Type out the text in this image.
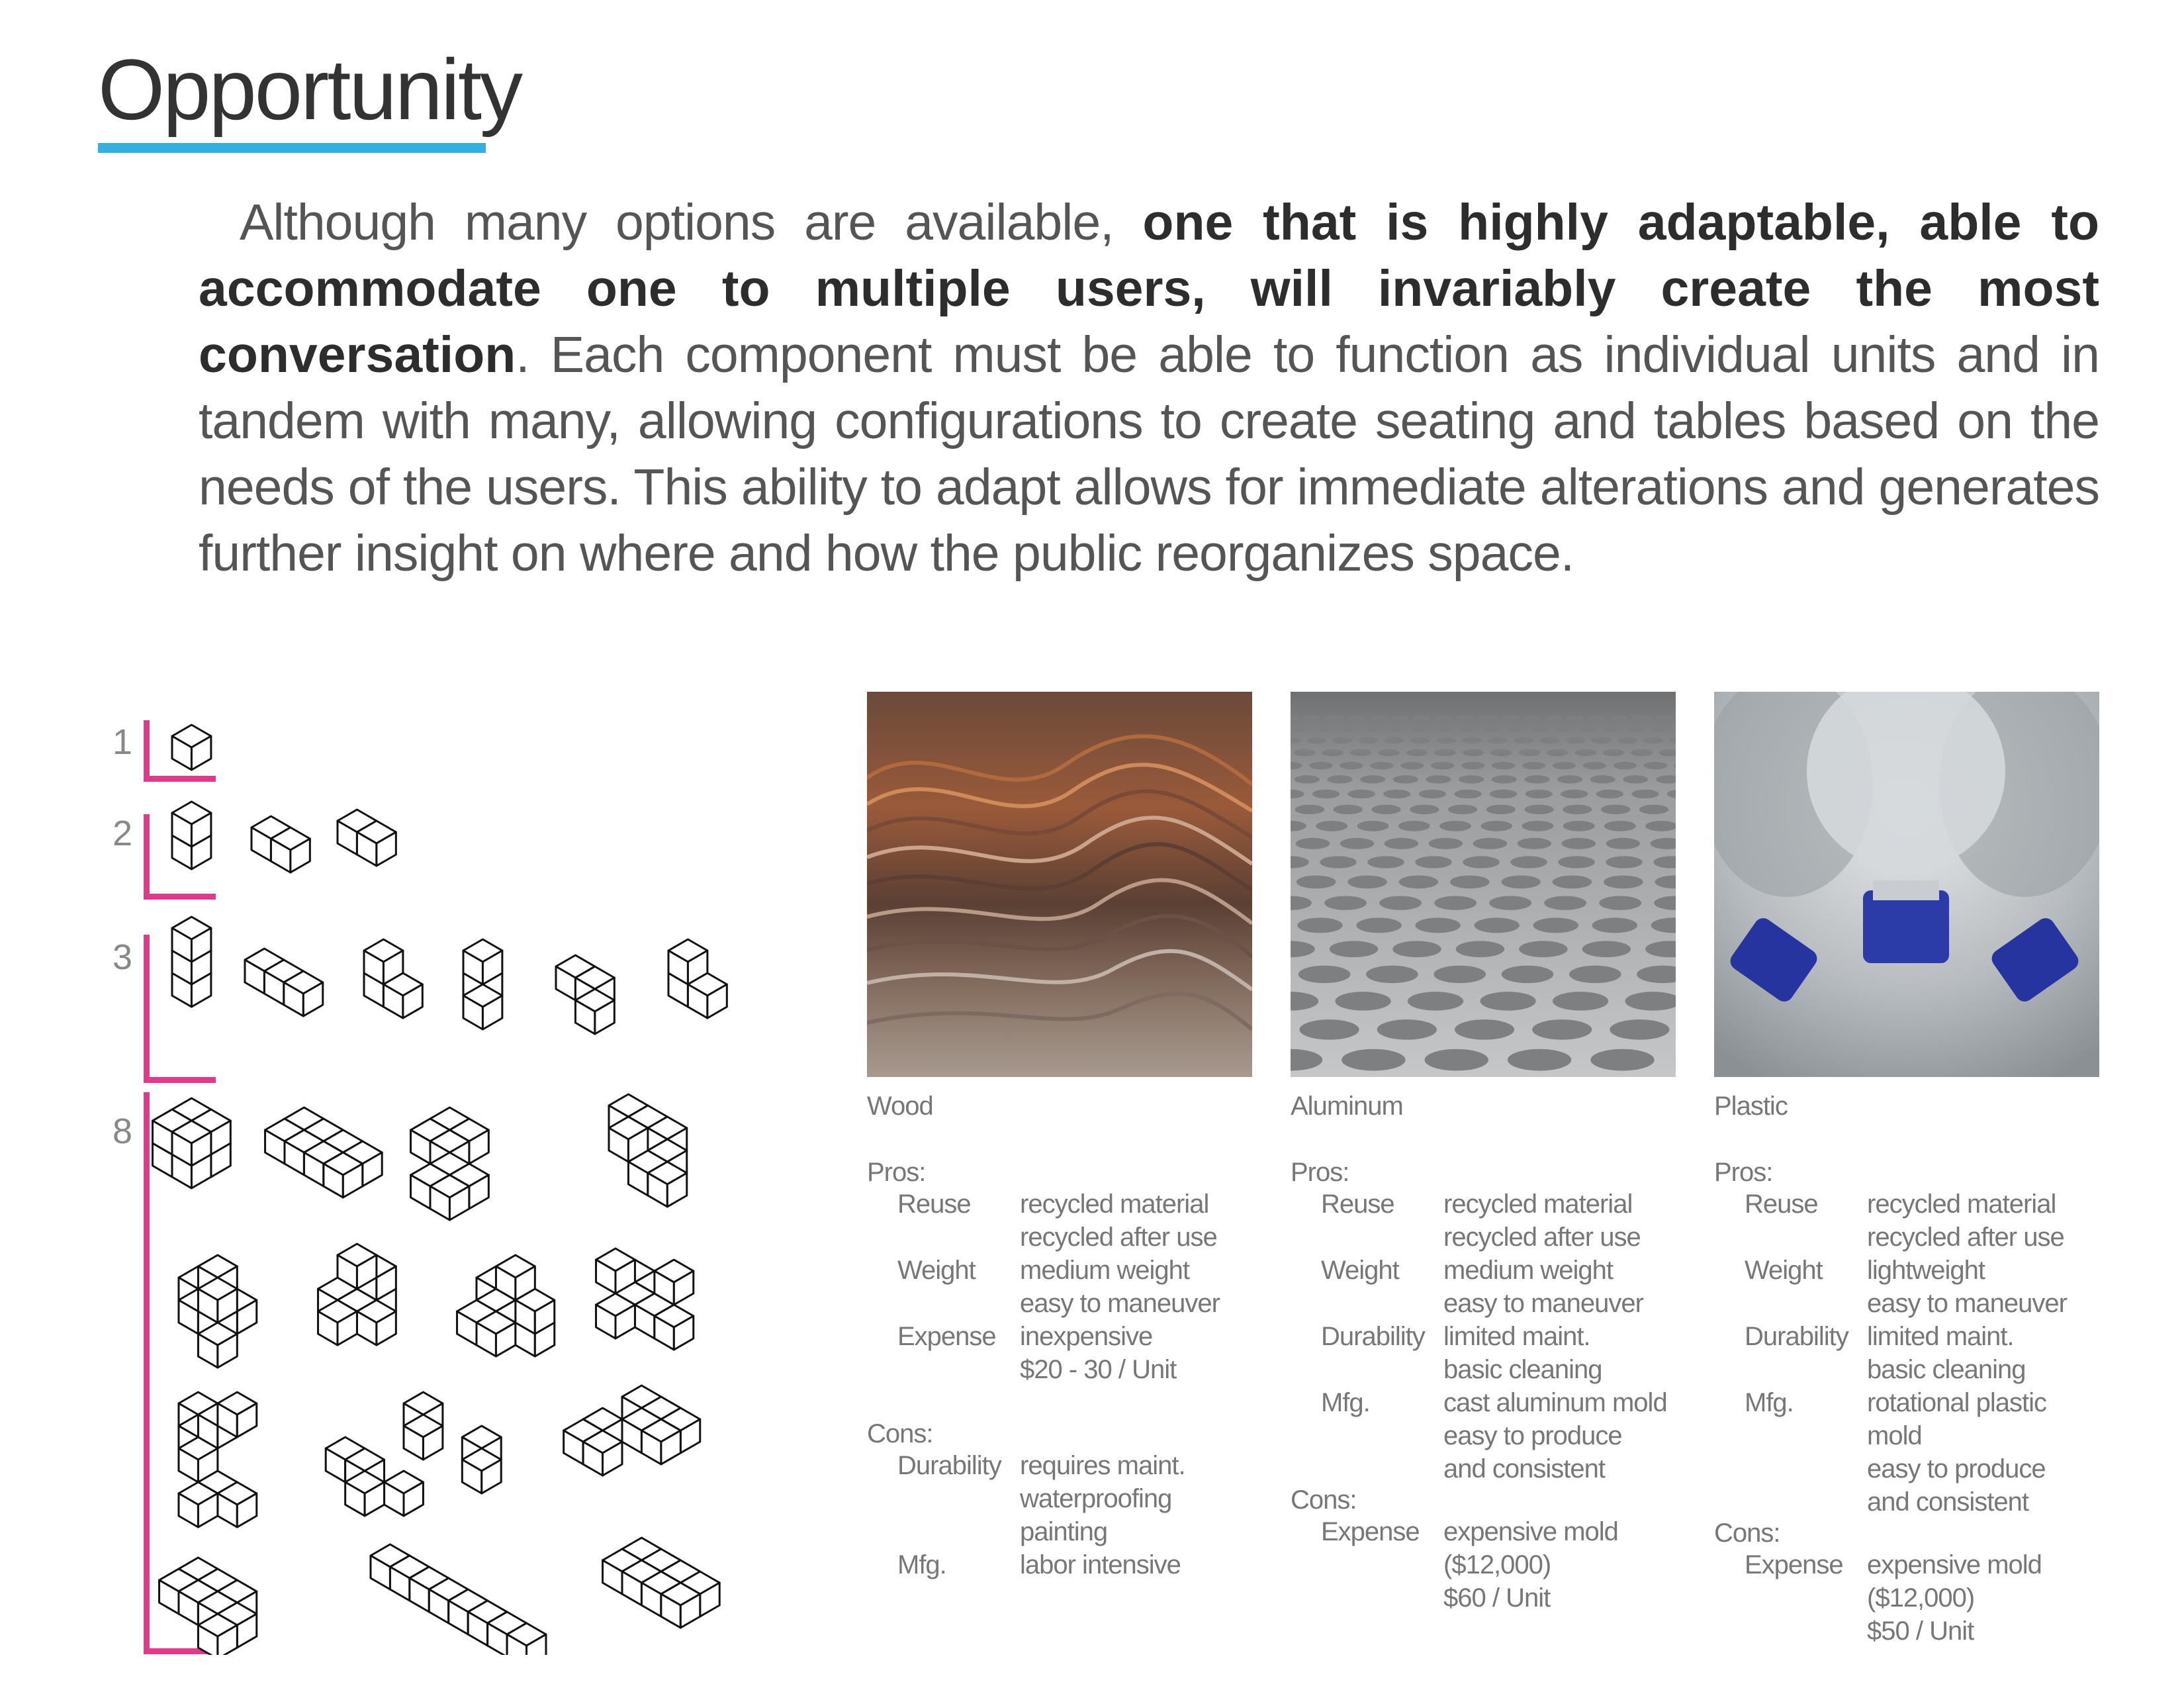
Opportunity
Although many options are available, one that is highly adaptable, able to accommodate one to multiple users, will invariably create the most conversation. Each component must be able to function as individual units and in tandem with many, allowing configurations to create seating and tables based on the needs of the users. This ability to adapt allows for immediate alterations and generates further insight on where and how the public reorganizes space.
1
2
3
8
Wood
Pros:
Reuse	recycled material
recycled after use
Weight	medium weight
easy to maneuver
Expense inexpensive
$20 - 30 / Unit
Cons:
Durability requires maint.
waterproofing
painting
Mfg.	labor intensive
Aluminum
Pros:
Reuse	recycled material
recycled after use
Weight	medium weight
easy to maneuver
Durability limited maint.
basic cleaning
Mfg.	cast aluminum mold
easy to produce
and consistent
Cons:
Expense expensive mold
($12,000)
$60 / Unit
Plastic
Pros:
Reuse	recycled material
recycled after use
Weight	lightweight
easy to maneuver
Durability limited maint.
basic cleaning
Mfg.	rotational plastic
mold
easy to produce
and consistent
Cons:
Expense expensive mold
($12,000)
$50 / Unit
